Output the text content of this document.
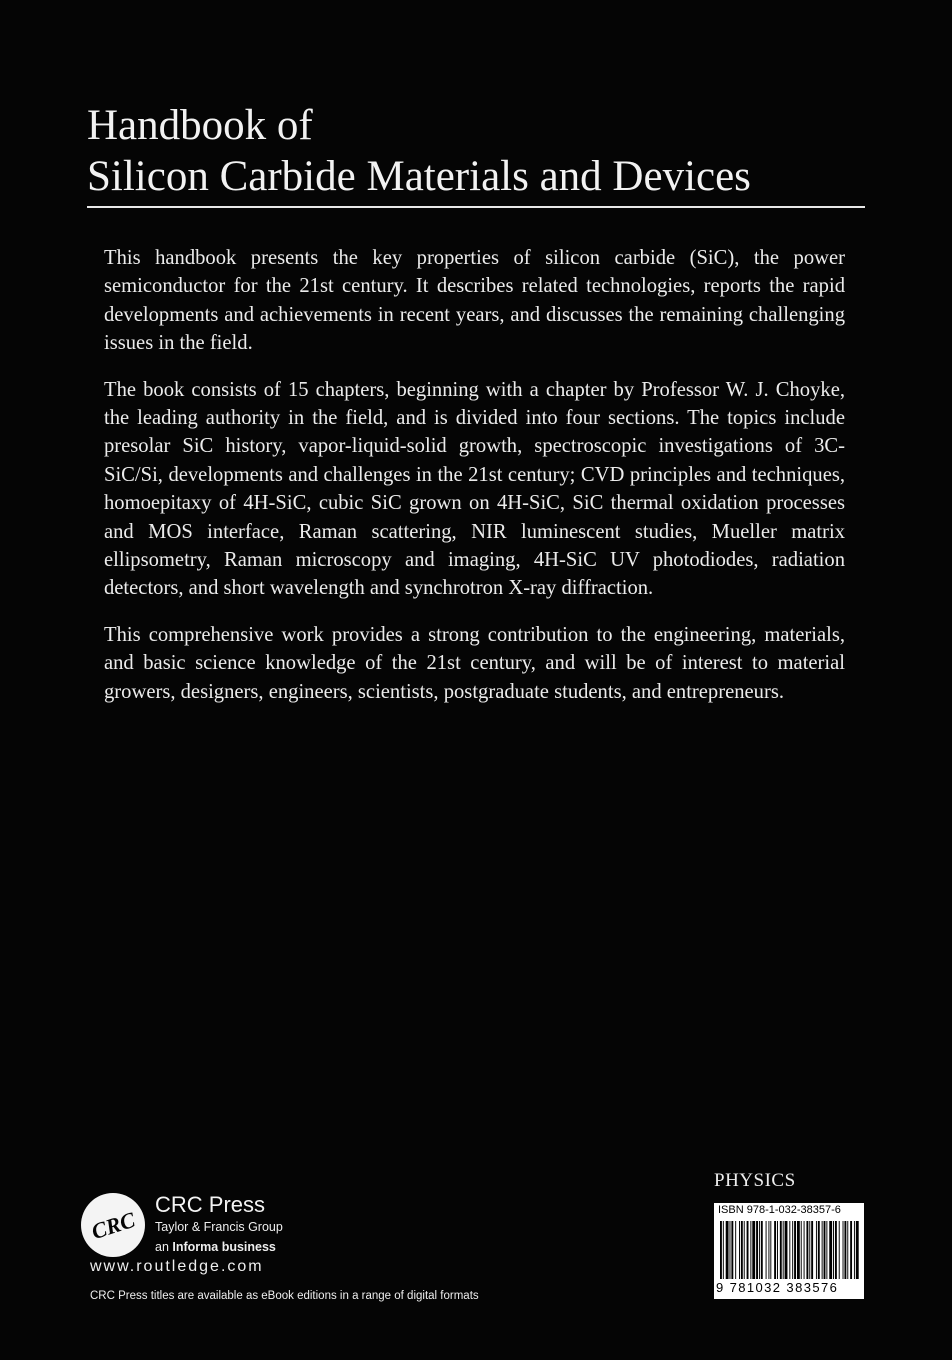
Handbook of
Silicon Carbide Materials and Devices

This handbook presents the key properties of silicon carbide (SiC), the power semiconductor for the 21st century. It describes related technologies, reports the rapid developments and achievements in recent years, and discusses the remaining challenging issues in the field.

The book consists of 15 chapters, beginning with a chapter by Professor W. J. Choyke, the leading authority in the field, and is divided into four sections. The topics include presolar SiC history, vapor-liquid-solid growth, spectroscopic investigations of 3C-SiC/Si, developments and challenges in the 21st century; CVD principles and techniques, homoepitaxy of 4H-SiC, cubic SiC grown on 4H-SiC, SiC thermal oxidation processes and MOS interface, Raman scattering, NIR luminescent studies, Mueller matrix ellipsometry, Raman microscopy and imaging, 4H-SiC UV photodiodes, radiation detectors, and short wavelength and synchrotron X-ray diffraction.

This comprehensive work provides a strong contribution to the engineering, materials, and basic science knowledge of the 21st century, and will be of interest to material growers, designers, engineers, scientists, postgraduate students, and entrepreneurs.

PHYSICS
ISBN 978-1-032-38357-6
9 781032 383576
CRC
CRC Press
Taylor & Francis Group
an Informa business
www.routledge.com
CRC Press titles are available as eBook editions in a range of digital formats
